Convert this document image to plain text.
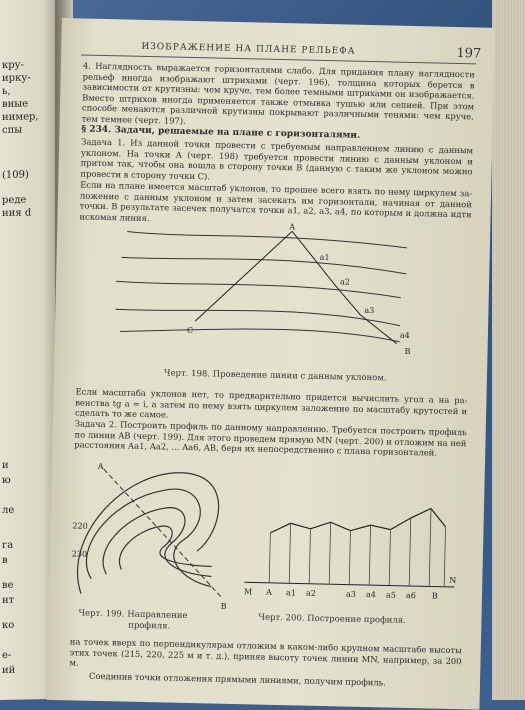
кру-
ирку-
ь,
вные
нимер,
спы
(109)
реде
ния d
и
ю
ле
га
в
ве
нт
ко
е-
ий
ИЗОБРАЖЕНИЕ НА ПЛАНЕ РЕЛЬЕФА	197
4. Наглядность выражается горизонталями слабо. Для придания плану наглядности рельеф иногда изображают штрихами (черт. 196), толщина которых берется в зависимости от крутизны: чем круче, тем более темными штрихами он изображается. Вместо штрихов иногда применяется также отмывка тушью или сепией. При этом способе менаются различной крутизны покрывают различными тенями: чем круче, тем темнее (черт. 197).
§ 234. Задачи, решаемые на плане с горизонталями.
Задача 1. Из данной точки провести с требуемым направлением линию с данным уклоном. На точки A (черт. 198) требуется провести линию с данным уклоном и притом так, чтобы она вошла в сторону точки B (данную с таким же уклоном можно провести в сторону точки C).
Если на плане имеется масштаб уклонов, то прошее всего взять по нему циркулем заложение с данным уклоном и затем засекать им горизонтали, начиная от данной точки. В результате засечек получатся точки a1, a2, a3, a4, по которым и должна идти искомая линия.
A
B
C
a1
a2
a3
a4
Черт. 198. Проведение линии с данным уклоном.
Если масштаба уклонов нет, то предварительно придется вычислить угол a на равенства tg a = i, а затем по нему взять циркулем заложение по масштабу крутостей и сделать то же самое.
Задача 2. Построить профиль по данному направлению. Требуется построить профиль по линии AB (черт. 199). Для этого проведем прямую MN (черт. 200) и отложим на ней расстояния Aa1, Aa2, ... Aa6, AB, беря их непосредственно с плана горизонталей.
A
B
220
230
Черт. 199. Направление
профиля.
M
N
A a1 a2	a3 a4 a5 a6 B
Черт. 200. Построение профиля.
на точек вверх по перпендикулярам отложим в каком-либо крупном масштабе высоты этих точек (215, 220, 225 м и т. д.), приняв высоту точек линии MN, например, за 200 м.
Соединив точки отложения прямыми линиями, получим профиль.
